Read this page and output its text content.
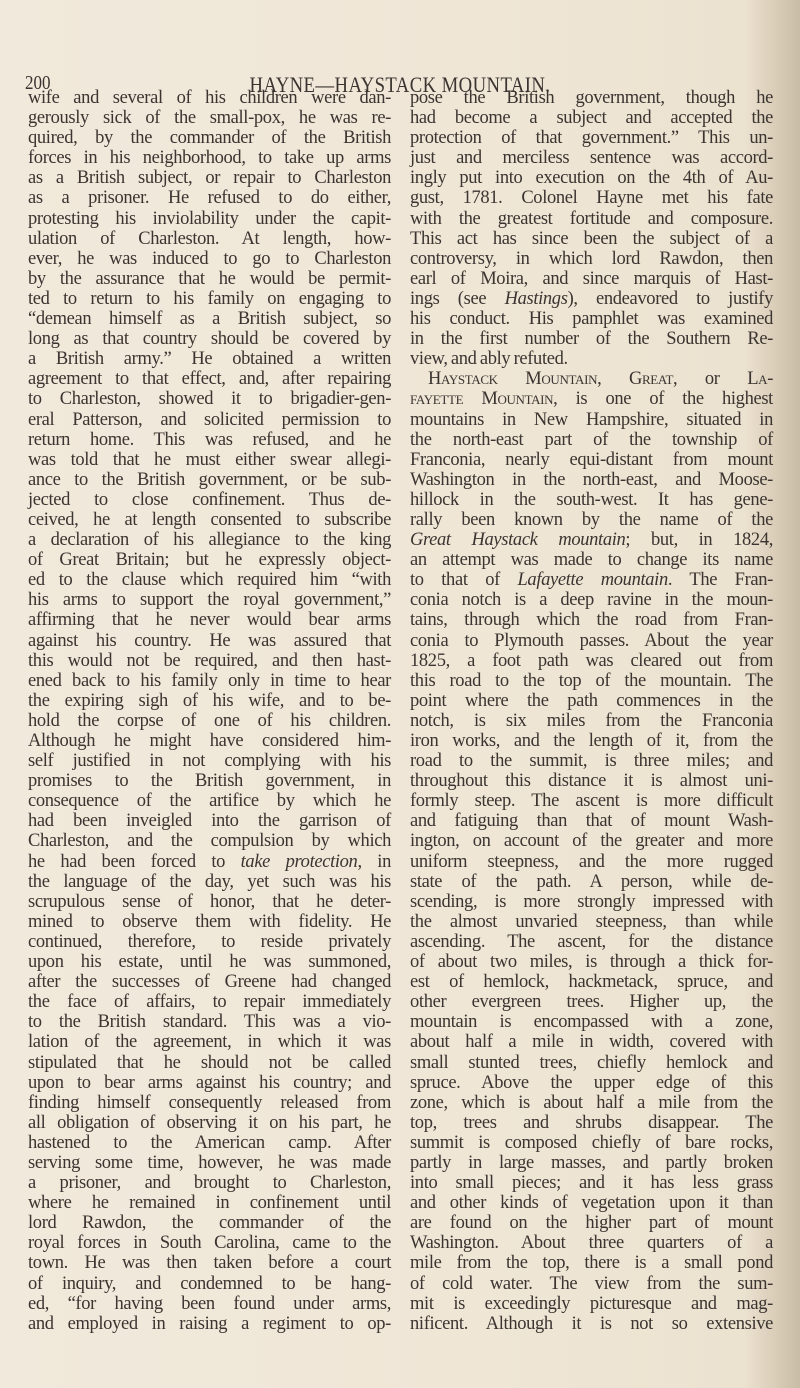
200	HAYNE—HAYSTACK MOUNTAIN.
wife and several of his children were dan-
gerously sick of the small-pox, he was re-
quired, by the commander of the British
forces in his neighborhood, to take up arms
as a British subject, or repair to Charleston
as a prisoner. He refused to do either,
protesting his inviolability under the capit-
ulation of Charleston. At length, how-
ever, he was induced to go to Charleston
by the assurance that he would be permit-
ted to return to his family on engaging to
“demean himself as a British subject, so
long as that country should be covered by
a British army.” He obtained a written
agreement to that effect, and, after repairing
to Charleston, showed it to brigadier-gen-
eral Patterson, and solicited permission to
return home. This was refused, and he
was told that he must either swear allegi-
ance to the British government, or be sub-
jected to close confinement. Thus de-
ceived, he at length consented to subscribe
a declaration of his allegiance to the king
of Great Britain; but he expressly object-
ed to the clause which required him “with
his arms to support the royal government,”
affirming that he never would bear arms
against his country. He was assured that
this would not be required, and then hast-
ened back to his family only in time to hear
the expiring sigh of his wife, and to be-
hold the corpse of one of his children.
Although he might have considered him-
self justified in not complying with his
promises to the British government, in
consequence of the artifice by which he
had been inveigled into the garrison of
Charleston, and the compulsion by which
he had been forced to take protection, in
the language of the day, yet such was his
scrupulous sense of honor, that he deter-
mined to observe them with fidelity. He
continued, therefore, to reside privately
upon his estate, until he was summoned,
after the successes of Greene had changed
the face of affairs, to repair immediately
to the British standard. This was a vio-
lation of the agreement, in which it was
stipulated that he should not be called
upon to bear arms against his country; and
finding himself consequently released from
all obligation of observing it on his part, he
hastened to the American camp. After
serving some time, however, he was made
a prisoner, and brought to Charleston,
where he remained in confinement until
lord Rawdon, the commander of the
royal forces in South Carolina, came to the
town. He was then taken before a court
of inquiry, and condemned to be hang-
ed, “for having been found under arms,
and employed in raising a regiment to op-
pose the British government, though he
had become a subject and accepted the
protection of that government.” This un-
just and merciless sentence was accord-
ingly put into execution on the 4th of Au-
gust, 1781. Colonel Hayne met his fate
with the greatest fortitude and composure.
This act has since been the subject of a
controversy, in which lord Rawdon, then
earl of Moira, and since marquis of Hast-
ings (see Hastings), endeavored to justify
his conduct. His pamphlet was examined
in the first number of the Southern Re-
view, and ably refuted.
Haystack Mountain, Great, or La-
fayette Mountain, is one of the highest
mountains in New Hampshire, situated in
the north-east part of the township of
Franconia, nearly equi-distant from mount
Washington in the north-east, and Moose-
hillock in the south-west. It has gene-
rally been known by the name of the
Great Haystack mountain; but, in 1824,
an attempt was made to change its name
to that of Lafayette mountain. The Fran-
conia notch is a deep ravine in the moun-
tains, through which the road from Fran-
conia to Plymouth passes. About the year
1825, a foot path was cleared out from
this road to the top of the mountain. The
point where the path commences in the
notch, is six miles from the Franconia
iron works, and the length of it, from the
road to the summit, is three miles; and
throughout this distance it is almost uni-
formly steep. The ascent is more difficult
and fatiguing than that of mount Wash-
ington, on account of the greater and more
uniform steepness, and the more rugged
state of the path. A person, while de-
scending, is more strongly impressed with
the almost unvaried steepness, than while
ascending. The ascent, for the distance
of about two miles, is through a thick for-
est of hemlock, hackmetack, spruce, and
other evergreen trees. Higher up, the
mountain is encompassed with a zone,
about half a mile in width, covered with
small stunted trees, chiefly hemlock and
spruce. Above the upper edge of this
zone, which is about half a mile from the
top, trees and shrubs disappear. The
summit is composed chiefly of bare rocks,
partly in large masses, and partly broken
into small pieces; and it has less grass
and other kinds of vegetation upon it than
are found on the higher part of mount
Washington. About three quarters of a
mile from the top, there is a small pond
of cold water. The view from the sum-
mit is exceedingly picturesque and mag-
nificent. Although it is not so extensive
